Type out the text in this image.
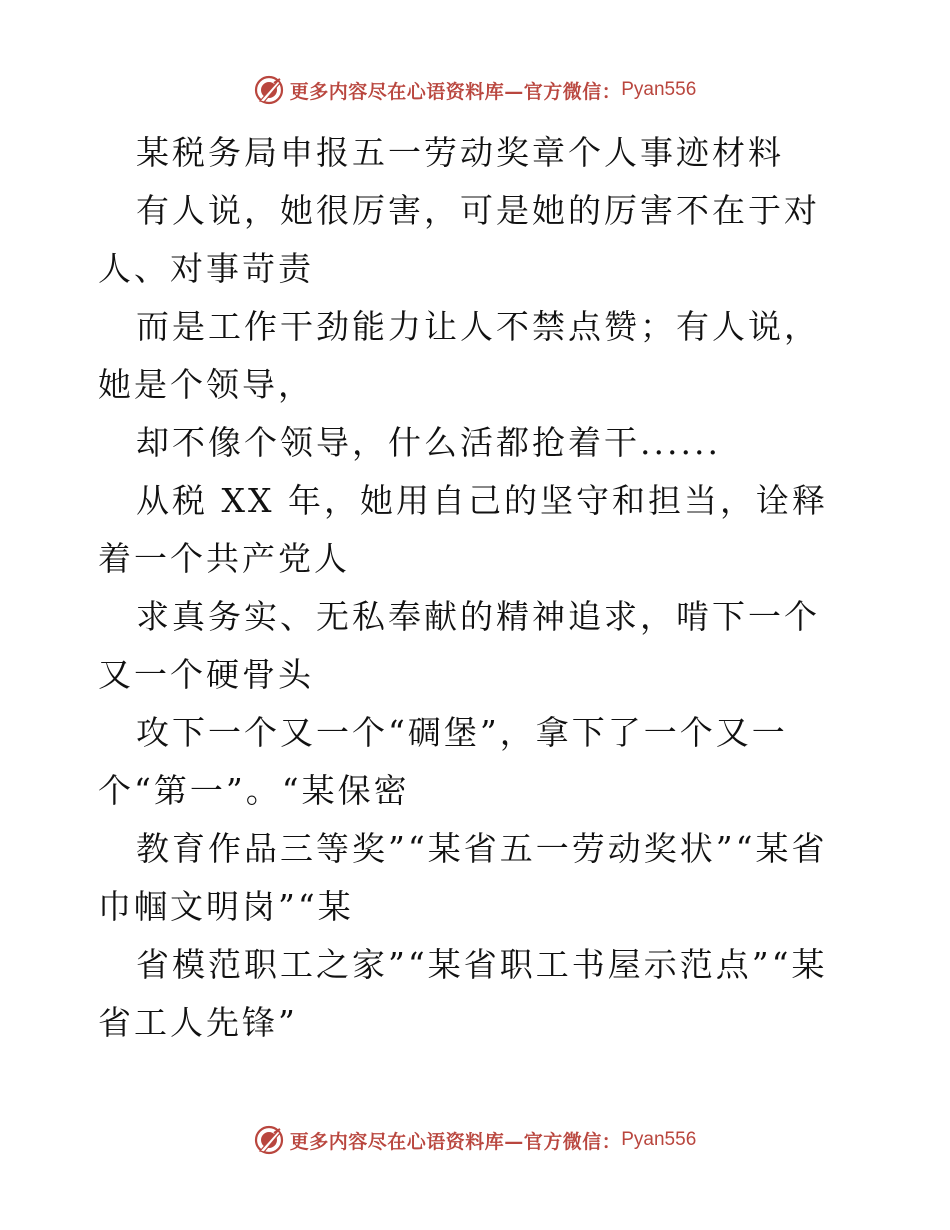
更多内容尽在心语资料库—官方微信： Pyan556

某税务局申报五一劳动奖章个人事迹材料

有人说，她很厉害，可是她的厉害不在于对人、对事苛责

而是工作干劲能力让人不禁点赞；有人说，她是个领导，

却不像个领导，什么活都抢着干......

从税 XX 年，她用自己的坚守和担当，诠释着一个共产党人

求真务实、无私奉献的精神追求，啃下一个又一个硬骨头

攻下一个又一个“碉堡”，拿下了一个又一
个“第一”。“某保密

教育作品三等奖”“某省五一劳动奖状”“某省巾帼文明岗”“某

省模范职工之家”“某省职工书屋示范点”“某省工人先锋”

更多内容尽在心语资料库—官方微信： Pyan556
